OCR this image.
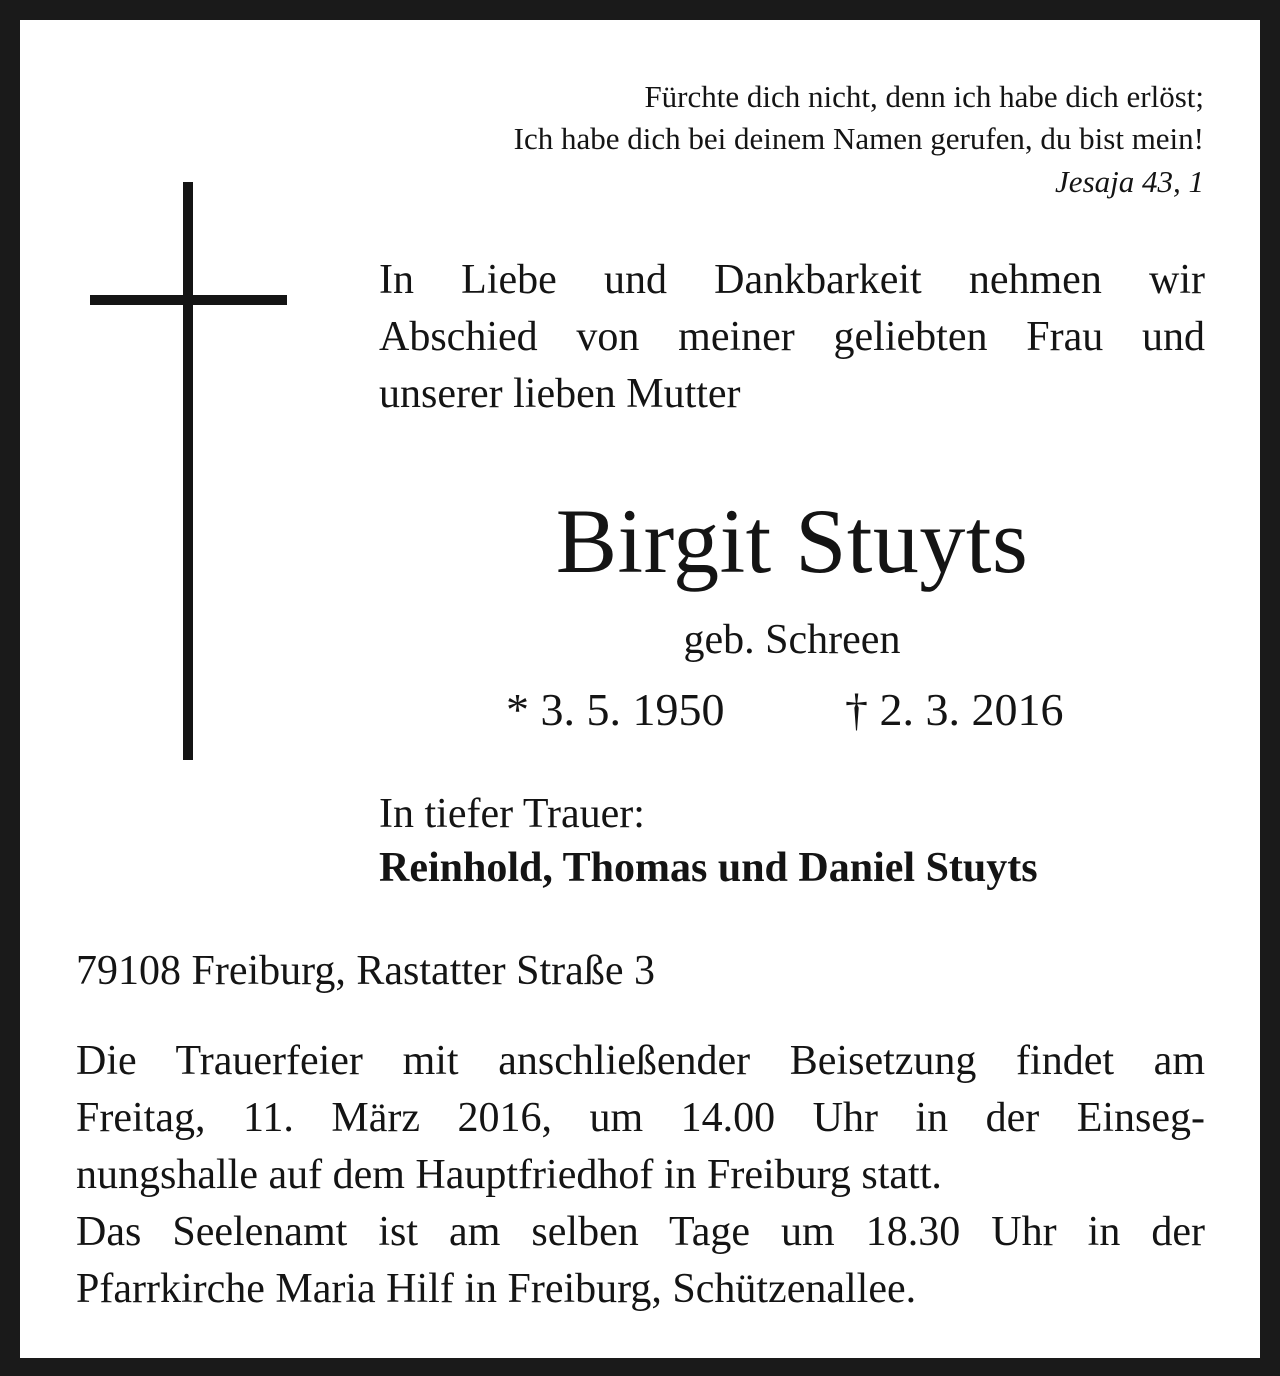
Fürchte dich nicht, denn ich habe dich erlöst;

Ich habe dich bei deinem Namen gerufen, du bist mein!

Jesaja 43, 1

In Liebe und Dankbarkeit nehmen wir

Abschied von meiner geliebten Frau und

unserer lieben Mutter

Birgit Stuyts

geb. Schreen

* 3. 5. 1950	† 2. 3. 2016

In tiefer Trauer:

Reinhold, Thomas und Daniel Stuyts

79108 Freiburg, Rastatter Straße 3

Die Trauerfeier mit anschließender Beisetzung findet am

Freitag, 11. März 2016, um 14.00 Uhr in der Einseg-

nungshalle auf dem Hauptfriedhof in Freiburg statt.

Das Seelenamt ist am selben Tage um 18.30 Uhr in der

Pfarrkirche Maria Hilf in Freiburg, Schützenallee.
